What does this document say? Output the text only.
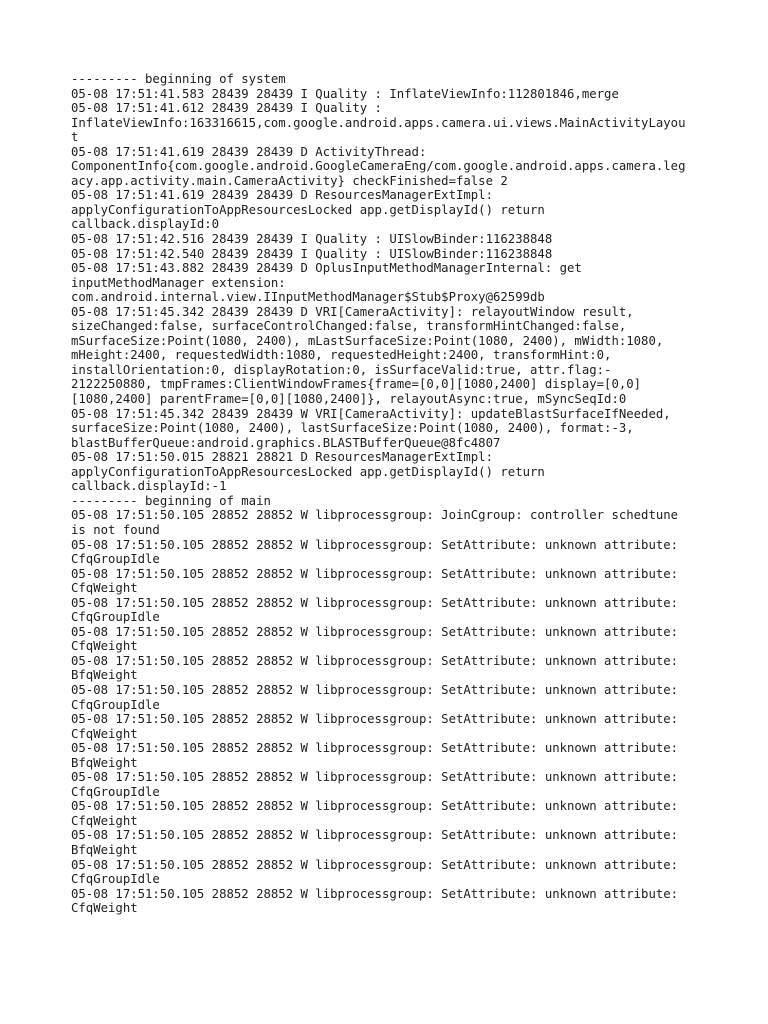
--------- beginning of system
05-08 17:51:41.583 28439 28439 I Quality : InflateViewInfo:112801846,merge
05-08 17:51:41.612 28439 28439 I Quality :
InflateViewInfo:163316615,com.google.android.apps.camera.ui.views.MainActivityLayou
t
05-08 17:51:41.619 28439 28439 D ActivityThread:
ComponentInfo{com.google.android.GoogleCameraEng/com.google.android.apps.camera.leg
acy.app.activity.main.CameraActivity} checkFinished=false 2
05-08 17:51:41.619 28439 28439 D ResourcesManagerExtImpl:
applyConfigurationToAppResourcesLocked app.getDisplayId() return
callback.displayId:0
05-08 17:51:42.516 28439 28439 I Quality : UISlowBinder:116238848
05-08 17:51:42.540 28439 28439 I Quality : UISlowBinder:116238848
05-08 17:51:43.882 28439 28439 D OplusInputMethodManagerInternal: get
inputMethodManager extension:
com.android.internal.view.IInputMethodManager$Stub$Proxy@62599db
05-08 17:51:45.342 28439 28439 D VRI[CameraActivity]: relayoutWindow result,
sizeChanged:false, surfaceControlChanged:false, transformHintChanged:false,
mSurfaceSize:Point(1080, 2400), mLastSurfaceSize:Point(1080, 2400), mWidth:1080,
mHeight:2400, requestedWidth:1080, requestedHeight:2400, transformHint:0,
installOrientation:0, displayRotation:0, isSurfaceValid:true, attr.flag:-
2122250880, tmpFrames:ClientWindowFrames{frame=[0,0][1080,2400] display=[0,0]
[1080,2400] parentFrame=[0,0][1080,2400]}, relayoutAsync:true, mSyncSeqId:0
05-08 17:51:45.342 28439 28439 W VRI[CameraActivity]: updateBlastSurfaceIfNeeded,
surfaceSize:Point(1080, 2400), lastSurfaceSize:Point(1080, 2400), format:-3,
blastBufferQueue:android.graphics.BLASTBufferQueue@8fc4807
05-08 17:51:50.015 28821 28821 D ResourcesManagerExtImpl:
applyConfigurationToAppResourcesLocked app.getDisplayId() return
callback.displayId:-1
--------- beginning of main
05-08 17:51:50.105 28852 28852 W libprocessgroup: JoinCgroup: controller schedtune
is not found
05-08 17:51:50.105 28852 28852 W libprocessgroup: SetAttribute: unknown attribute:
CfqGroupIdle
05-08 17:51:50.105 28852 28852 W libprocessgroup: SetAttribute: unknown attribute:
CfqWeight
05-08 17:51:50.105 28852 28852 W libprocessgroup: SetAttribute: unknown attribute:
CfqGroupIdle
05-08 17:51:50.105 28852 28852 W libprocessgroup: SetAttribute: unknown attribute:
CfqWeight
05-08 17:51:50.105 28852 28852 W libprocessgroup: SetAttribute: unknown attribute:
BfqWeight
05-08 17:51:50.105 28852 28852 W libprocessgroup: SetAttribute: unknown attribute:
CfqGroupIdle
05-08 17:51:50.105 28852 28852 W libprocessgroup: SetAttribute: unknown attribute:
CfqWeight
05-08 17:51:50.105 28852 28852 W libprocessgroup: SetAttribute: unknown attribute:
BfqWeight
05-08 17:51:50.105 28852 28852 W libprocessgroup: SetAttribute: unknown attribute:
CfqGroupIdle
05-08 17:51:50.105 28852 28852 W libprocessgroup: SetAttribute: unknown attribute:
CfqWeight
05-08 17:51:50.105 28852 28852 W libprocessgroup: SetAttribute: unknown attribute:
BfqWeight
05-08 17:51:50.105 28852 28852 W libprocessgroup: SetAttribute: unknown attribute:
CfqGroupIdle
05-08 17:51:50.105 28852 28852 W libprocessgroup: SetAttribute: unknown attribute:
CfqWeight
